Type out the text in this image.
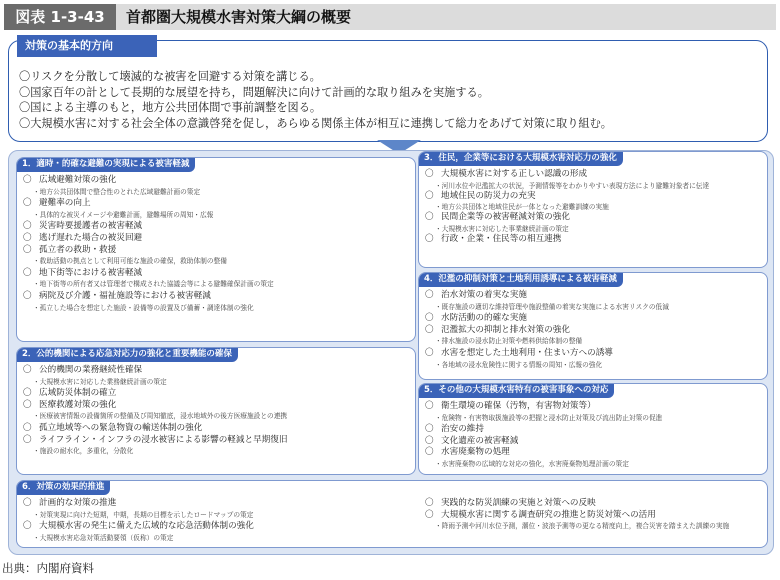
図表 1-3-43	首都圏大規模水害対策大綱の概要
対策の基本的方向
〇リスクを分散して壊滅的な被害を回避する対策を講じる。
〇国家百年の計として長期的な展望を持ち，問題解決に向けて計画的な取り組みを実施する。
〇国による主導のもと，地方公共団体間で事前調整を図る。
〇大規模水害に対する社会全体の意識啓発を促し，あらゆる関係主体が相互に連携して総力をあげて対策に取り組む。
1．適時・的確な避難の実現による被害軽減
〇 広域避難対策の強化
・地方公共団体間で整合性のとれた広域避難計画の策定
〇 避難率の向上
・具体的な被災イメージや避難計画，避難場所の周知・広報
〇 災害時要援護者の被害軽減
〇 逃げ遅れた場合の被災回避
〇 孤立者の救助・救援
・救助活動の拠点として利用可能な施設の確保，救助体制の整備
〇 地下街等における被害軽減
・地下街等の所有者又は管理者で構成された協議会等による避難確保計画の策定
〇 病院及び介護・福祉施設等における被害軽減
・孤立した場合を想定した施設・設備等の設置及び備蓄・調達体制の強化
2．公的機関による応急対応力の強化と重要機能の確保
〇 公的機関の業務継続性確保
・大規模水害に対応した業務継続計画の策定
〇 広域防災体制の確立
〇 医療救護対策の強化
・医療被害情報の設備箇所の整備及び周知徹底，浸水地域外の後方医療施設との連携
〇 孤立地域等への緊急物資の輸送体制の強化
〇 ライフライン・インフラの浸水被害による影響の軽減と早期復旧
・施設の耐水化，多重化，分散化
3．住民，企業等における大規模水害対応力の強化
〇 大規模水害に対する正しい認識の形成
・河川水位や氾濫拡大の状況，予測情報等をわかりやすい表現方法により避難対象者に伝達
〇 地域住民の防災力の充実
・地方公共団体と地域住民が一体となった避難訓練の実施
〇 民間企業等の被害軽減対策の強化
・大規模水害に対応した事業継続計画の策定
〇 行政・企業・住民等の相互連携
4．氾濫の抑制対策と土地利用誘導による被害軽減
〇 治水対策の着実な実施
・既存施設の適切な維持管理や施設整備の着実な実施による水害リスクの低減
〇 水防活動の的確な実施
〇 氾濫拡大の抑制と排水対策の強化
・排水施設の浸水防止対策や燃料供給体制の整備
〇 水害を想定した土地利用・住まい方への誘導
・各地域の浸水危険性に関する情報の周知・広報の強化
5．その他の大規模水害特有の被害事象への対応
〇 衛生環境の確保（汚物，有害物対策等）
・危険物・有害物取扱施設等の把握と浸水防止対策及び流出防止対策の促進
〇 治安の維持
〇 文化遺産の被害軽減
〇 水害廃棄物の処理
・水害廃棄物の広域的な対応の強化，水害廃棄物処理計画の策定
6．対策の効果的推進
〇 計画的な対策の推進
・対策実現に向けた短期，中期，長期の目標を示したロードマップの策定
〇 大規模水害の発生に備えた広域的な応急活動体制の強化
・大規模水害応急対策活動要領（仮称）の策定
〇 実践的な防災訓練の実施と対策への反映
〇 大規模水害に関する調査研究の推進と防災対策への活用
・降雨予測や河川水位予測，潮位・波浪予測等の更なる精度向上，複合災害を踏まえた訓練の実施
出典：内閣府資料
